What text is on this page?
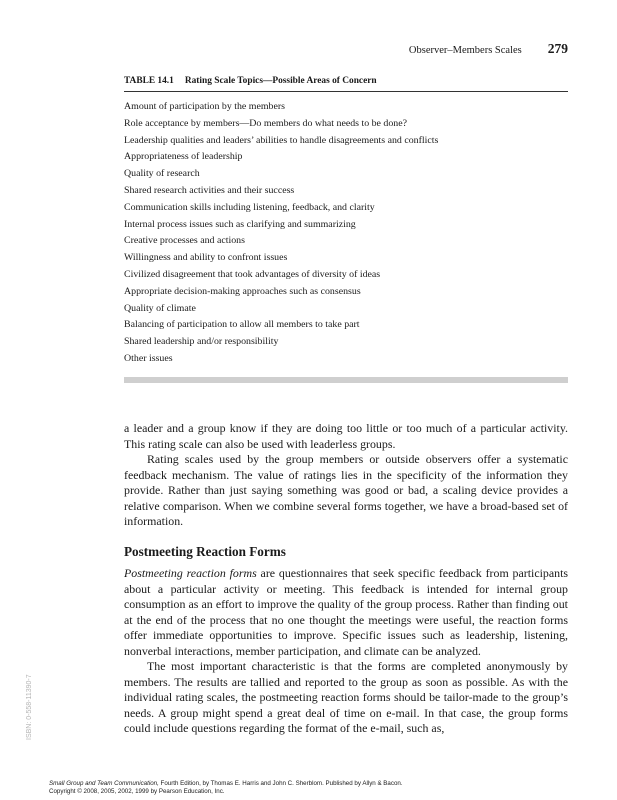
Observer–Members Scales 279
TABLE 14.1 Rating Scale Topics—Possible Areas of Concern
Amount of participation by the members
Role acceptance by members—Do members do what needs to be done?
Leadership qualities and leaders’ abilities to handle disagreements and conflicts
Appropriateness of leadership
Quality of research
Shared research activities and their success
Communication skills including listening, feedback, and clarity
Internal process issues such as clarifying and summarizing
Creative processes and actions
Willingness and ability to confront issues
Civilized disagreement that took advantages of diversity of ideas
Appropriate decision-making approaches such as consensus
Quality of climate
Balancing of participation to allow all members to take part
Shared leadership and/or responsibility
Other issues

a leader and a group know if they are doing too little or too much of a particular activity. This rating scale can also be used with leaderless groups.

Rating scales used by the group members or outside observers offer a systematic feedback mechanism. The value of ratings lies in the specificity of the information they provide. Rather than just saying something was good or bad, a scaling device provides a relative comparison. When we combine several forms together, we have a broad-based set of information.

Postmeeting Reaction Forms

Postmeeting reaction forms are questionnaires that seek specific feedback from participants about a particular activity or meeting. This feedback is intended for internal group consumption as an effort to improve the quality of the group process. Rather than finding out at the end of the process that no one thought the meetings were useful, the reaction forms offer immediate opportunities to improve. Specific issues such as leadership, listening, nonverbal interactions, member participation, and climate can be analyzed.

The most important characteristic is that the forms are completed anonymously by members. The results are tallied and reported to the group as soon as possible. As with the individual rating scales, the postmeeting reaction forms should be tailor-made to the group’s needs. A group might spend a great deal of time on e-mail. In that case, the group forms could include questions regarding the format of the e-mail, such as,

ISBN: 0-558-11390-7
Small Group and Team Communication, Fourth Edition, by Thomas E. Harris and John C. Sherblom. Published by Allyn & Bacon.
Copyright © 2008, 2005, 2002, 1999 by Pearson Education, Inc.
